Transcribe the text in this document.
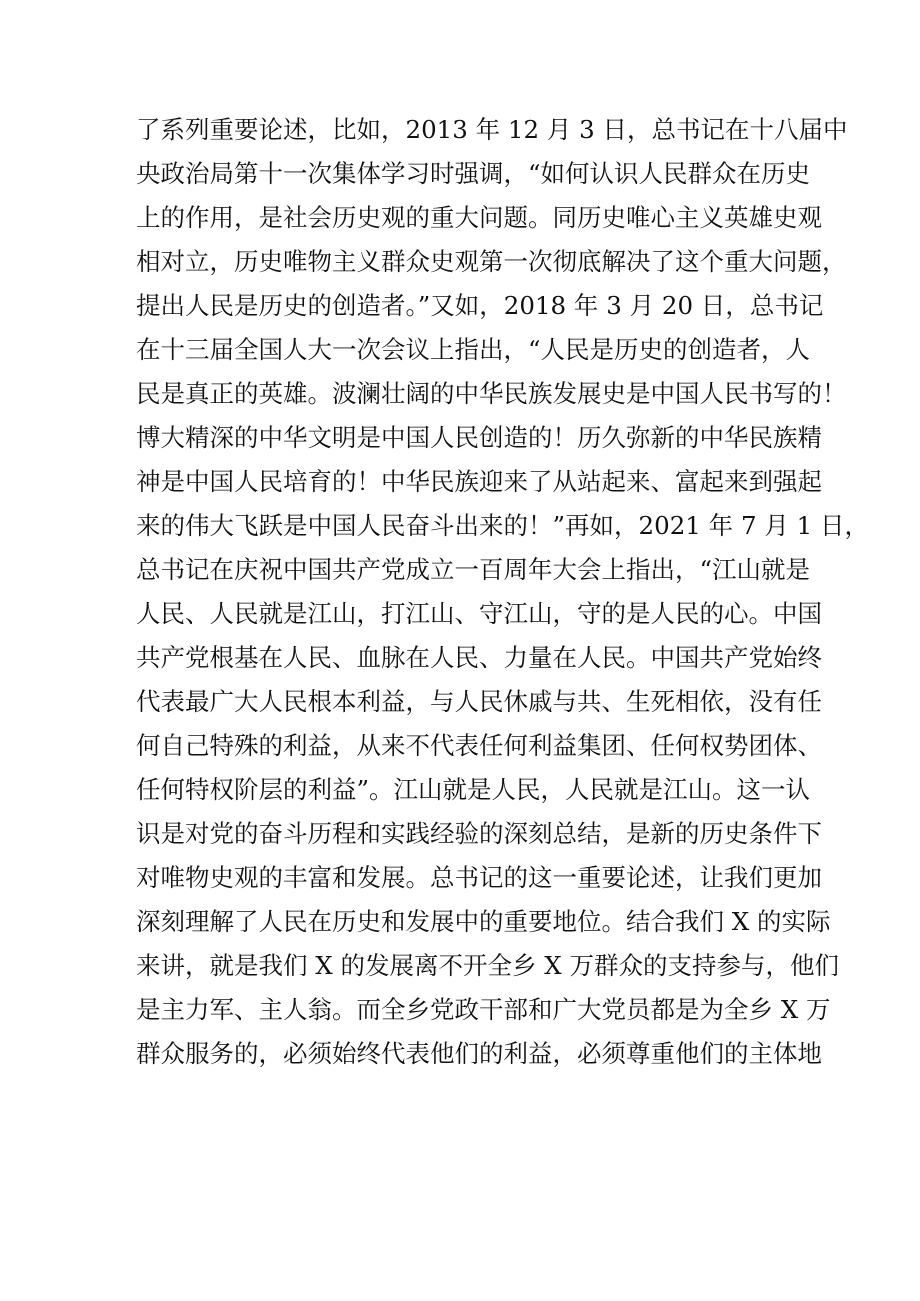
了系列重要论述，比如，2013 年 12 月 3 日，总书记在十八届中
央政治局第十一次集体学习时强调，“如何认识人民群众在历史
上的作用，是社会历史观的重大问题。同历史唯心主义英雄史观
相对立，历史唯物主义群众史观第一次彻底解决了这个重大问题，
提出人民是历史的创造者。”又如，2018 年 3 月 20 日，总书记
在十三届全国人大一次会议上指出，“人民是历史的创造者，人
民是真正的英雄。波澜壮阔的中华民族发展史是中国人民书写的！
博大精深的中华文明是中国人民创造的！历久弥新的中华民族精
神是中国人民培育的！中华民族迎来了从站起来、富起来到强起
来的伟大飞跃是中国人民奋斗出来的！”再如，2021 年 7 月 1 日，
总书记在庆祝中国共产党成立一百周年大会上指出，“江山就是
人民、人民就是江山，打江山、守江山，守的是人民的心。中国
共产党根基在人民、血脉在人民、力量在人民。中国共产党始终
代表最广大人民根本利益，与人民休戚与共、生死相依，没有任
何自己特殊的利益，从来不代表任何利益集团、任何权势团体、
任何特权阶层的利益”。江山就是人民，人民就是江山。这一认
识是对党的奋斗历程和实践经验的深刻总结，是新的历史条件下
对唯物史观的丰富和发展。总书记的这一重要论述，让我们更加
深刻理解了人民在历史和发展中的重要地位。结合我们 X 的实际
来讲，就是我们 X 的发展离不开全乡 X 万群众的支持参与，他们
是主力军、主人翁。而全乡党政干部和广大党员都是为全乡 X 万
群众服务的，必须始终代表他们的利益，必须尊重他们的主体地
